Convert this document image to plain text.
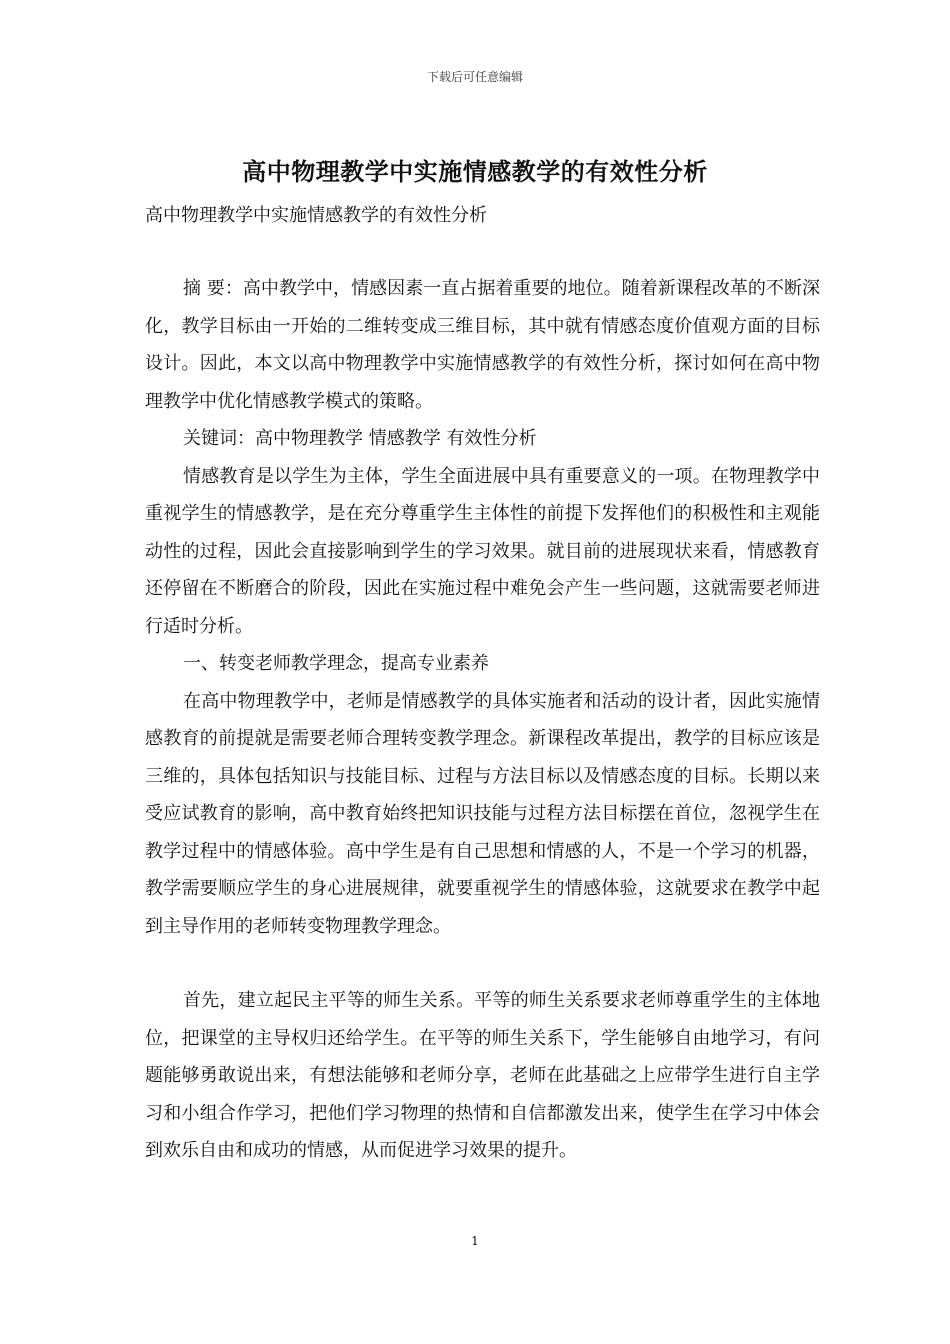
下载后可任意编辑
高中物理教学中实施情感教学的有效性分析
高中物理教学中实施情感教学的有效性分析

摘 要：高中教学中，情感因素一直占据着重要的地位。随着新课程改革的不断深化，教学目标由一开始的二维转变成三维目标，其中就有情感态度价值观方面的目标设计。因此，本文以高中物理教学中实施情感教学的有效性分析，探讨如何在高中物理教学中优化情感教学模式的策略。

关键词：高中物理教学 情感教学 有效性分析

情感教育是以学生为主体，学生全面进展中具有重要意义的一项。在物理教学中重视学生的情感教学，是在充分尊重学生主体性的前提下发挥他们的积极性和主观能动性的过程，因此会直接影响到学生的学习效果。就目前的进展现状来看，情感教育还停留在不断磨合的阶段，因此在实施过程中难免会产生一些问题，这就需要老师进行适时分析。

一、转变老师教学理念，提高专业素养

在高中物理教学中，老师是情感教学的具体实施者和活动的设计者，因此实施情感教育的前提就是需要老师合理转变教学理念。新课程改革提出，教学的目标应该是三维的，具体包括知识与技能目标、过程与方法目标以及情感态度的目标。长期以来受应试教育的影响，高中教育始终把知识技能与过程方法目标摆在首位，忽视学生在教学过程中的情感体验。高中学生是有自己思想和情感的人，不是一个学习的机器，教学需要顺应学生的身心进展规律，就要重视学生的情感体验，这就要求在教学中起到主导作用的老师转变物理教学理念。

首先，建立起民主平等的师生关系。平等的师生关系要求老师尊重学生的主体地位，把课堂的主导权归还给学生。在平等的师生关系下，学生能够自由地学习，有问题能够勇敢说出来，有想法能够和老师分享，老师在此基础之上应带学生进行自主学习和小组合作学习，把他们学习物理的热情和自信都激发出来，使学生在学习中体会到欢乐自由和成功的情感，从而促进学习效果的提升。

1
